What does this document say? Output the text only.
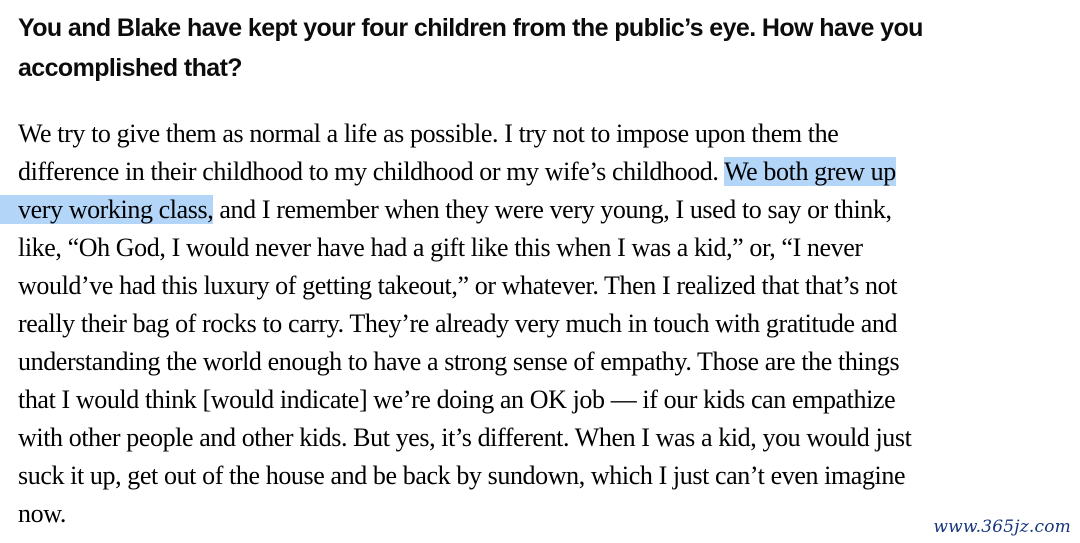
You and Blake have kept your four children from the public’s eye. How have you
accomplished that?
We try to give them as normal a life as possible. I try not to impose upon them the
difference in their childhood to my childhood or my wife’s childhood. We both grew up
very working class, and I remember when they were very young, I used to say or think,
like, “Oh God, I would never have had a gift like this when I was a kid,” or, “I never
would’ve had this luxury of getting takeout,” or whatever. Then I realized that that’s not
really their bag of rocks to carry. They’re already very much in touch with gratitude and
understanding the world enough to have a strong sense of empathy. Those are the things
that I would think [would indicate] we’re doing an OK job — if our kids can empathize
with other people and other kids. But yes, it’s different. When I was a kid, you would just
suck it up, get out of the house and be back by sundown, which I just can’t even imagine
now.	www.365jz.com
